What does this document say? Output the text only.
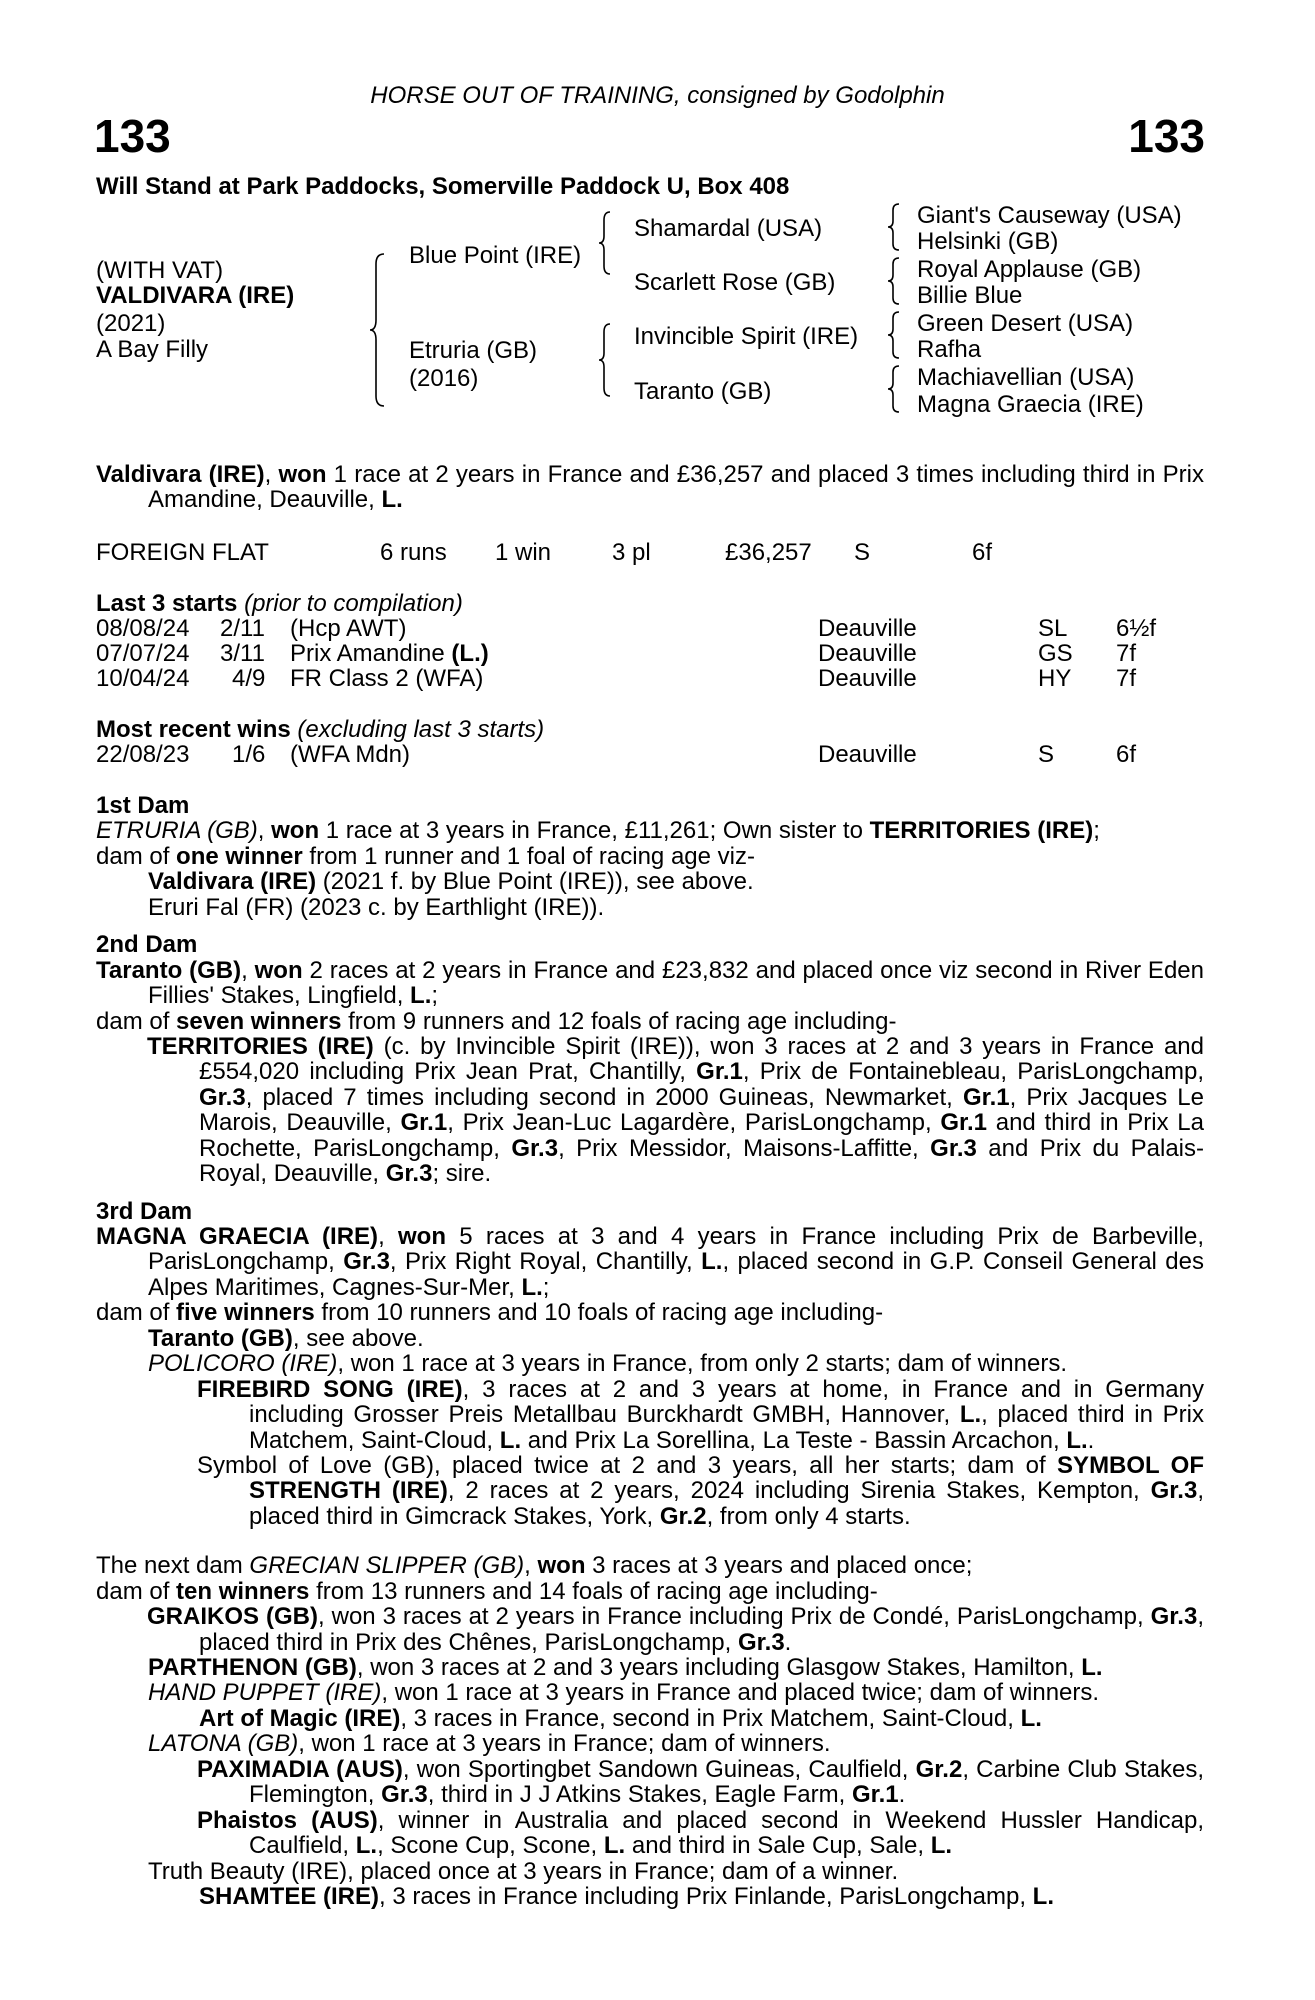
HORSE OUT OF TRAINING, consigned by Godolphin
133	133
Will Stand at Park Paddocks, Somerville Paddock U, Box 408
(WITH VAT)
VALDIVARA (IRE)
(2021)
A Bay Filly
Blue Point (IRE)
Etruria (GB)
(2016)
Shamardal (USA)
Scarlett Rose (GB)
Invincible Spirit (IRE)
Taranto (GB)
Giant's Causeway (USA)
Helsinki (GB)
Royal Applause (GB)
Billie Blue
Green Desert (USA)
Rafha
Machiavellian (USA)
Magna Graecia (IRE)

Valdivara (IRE), won 1 race at 2 years in France and £36,257 and placed 3 times including third in Prix Amandine, Deauville, L.

FOREIGN FLAT	6 runs 1 win	3 pl	£36,257 S	6f
Last 3 starts (prior to compilation)
08/08/24 2/11 (Hcp AWT)	Deauville	SL 6½f
07/07/24 3/11 Prix Amandine (L.)	Deauville	GS 7f
10/04/24 4/9 FR Class 2 (WFA)	Deauville	HY 7f
Most recent wins (excluding last 3 starts)
22/08/23 1/6 (WFA Mdn)	Deauville	S	6f

1st Dam

ETRURIA (GB), won 1 race at 3 years in France, £11,261; Own sister to TERRITORIES (IRE);

dam of one winner from 1 runner and 1 foal of racing age viz-

Valdivara (IRE) (2021 f. by Blue Point (IRE)), see above.

Eruri Fal (FR) (2023 c. by Earthlight (IRE)).

2nd Dam

Taranto (GB), won 2 races at 2 years in France and £23,832 and placed once viz second in River Eden Fillies' Stakes, Lingfield, L.;

dam of seven winners from 9 runners and 12 foals of racing age including-

TERRITORIES (IRE) (c. by Invincible Spirit (IRE)), won 3 races at 2 and 3 years in France and £554,020 including Prix Jean Prat, Chantilly, Gr.1, Prix de Fontainebleau, ParisLongchamp, Gr.3, placed 7 times including second in 2000 Guineas, Newmarket, Gr.1, Prix Jacques Le Marois, Deauville, Gr.1, Prix Jean-Luc Lagardère, ParisLongchamp, Gr.1 and third in Prix La Rochette, ParisLongchamp, Gr.3, Prix Messidor, Maisons-Laffitte, Gr.3 and Prix du Palais-Royal, Deauville, Gr.3; sire.

3rd Dam

MAGNA GRAECIA (IRE), won 5 races at 3 and 4 years in France including Prix de Barbeville, ParisLongchamp, Gr.3, Prix Right Royal, Chantilly, L., placed second in G.P. Conseil General des Alpes Maritimes, Cagnes-Sur-Mer, L.;

dam of five winners from 10 runners and 10 foals of racing age including-

Taranto (GB), see above.

POLICORO (IRE), won 1 race at 3 years in France, from only 2 starts; dam of winners.

FIREBIRD SONG (IRE), 3 races at 2 and 3 years at home, in France and in Germany including Grosser Preis Metallbau Burckhardt GMBH, Hannover, L., placed third in Prix Matchem, Saint-Cloud, L. and Prix La Sorellina, La Teste - Bassin Arcachon, L..

Symbol of Love (GB), placed twice at 2 and 3 years, all her starts; dam of SYMBOL OF STRENGTH (IRE), 2 races at 2 years, 2024 including Sirenia Stakes, Kempton, Gr.3, placed third in Gimcrack Stakes, York, Gr.2, from only 4 starts.

The next dam GRECIAN SLIPPER (GB), won 3 races at 3 years and placed once;

dam of ten winners from 13 runners and 14 foals of racing age including-

GRAIKOS (GB), won 3 races at 2 years in France including Prix de Condé, ParisLongchamp, Gr.3, placed third in Prix des Chênes, ParisLongchamp, Gr.3.

PARTHENON (GB), won 3 races at 2 and 3 years including Glasgow Stakes, Hamilton, L.

HAND PUPPET (IRE), won 1 race at 3 years in France and placed twice; dam of winners.

Art of Magic (IRE), 3 races in France, second in Prix Matchem, Saint-Cloud, L.

LATONA (GB), won 1 race at 3 years in France; dam of winners.

PAXIMADIA (AUS), won Sportingbet Sandown Guineas, Caulfield, Gr.2, Carbine Club Stakes, Flemington, Gr.3, third in J J Atkins Stakes, Eagle Farm, Gr.1.

Phaistos (AUS), winner in Australia and placed second in Weekend Hussler Handicap, Caulfield, L., Scone Cup, Scone, L. and third in Sale Cup, Sale, L.

Truth Beauty (IRE), placed once at 3 years in France; dam of a winner.

SHAMTEE (IRE), 3 races in France including Prix Finlande, ParisLongchamp, L.
